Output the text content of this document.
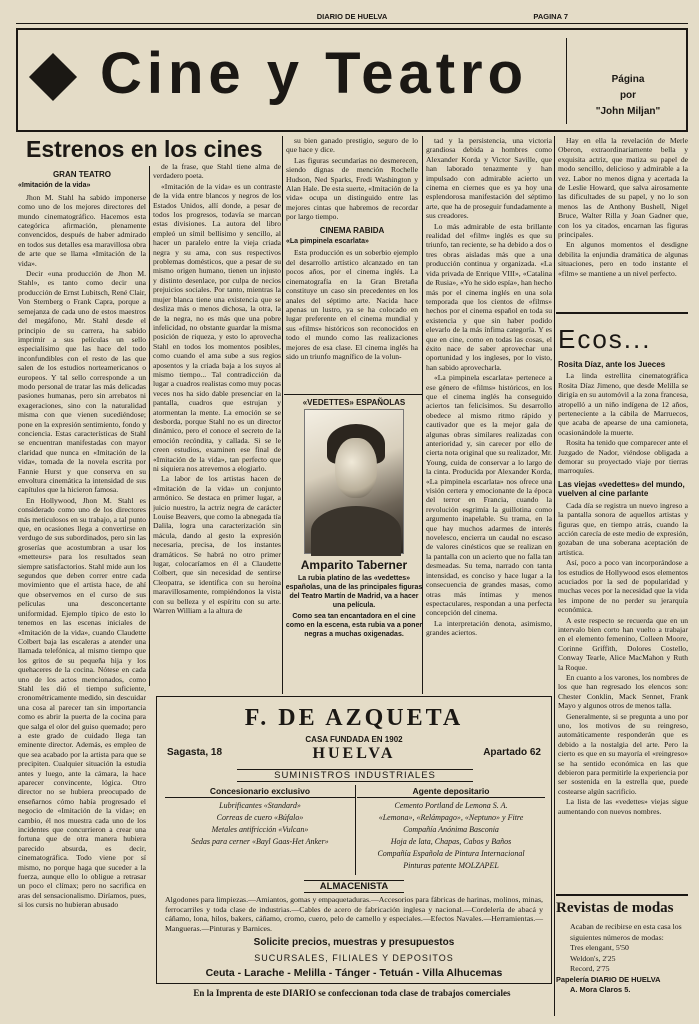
DIARIO DE HUELVA	PAGINA 7
Cine y Teatro	Página
por
"John Miljan"
Estrenos en los cines
GRAN TEATRO
«Imitación de la vida»

Jhon M. Stahl ha sabido imponerse como uno de los mejores directores del mundo cinematográfico. Hacemos esta categórica afirmación, plenamente convencidos, después de haber admirado en todos sus detalles esa maravillosa obra de arte que se llama «Imitación de la vida».

Decir «una producción de Jhon M. Stahl», es tanto como decir una producción de Ernst Lubitsch, René Clair, Von Sternberg o Frank Capra, porque a semejanza de cada uno de estos maestros del megáfono, Mr. Stahl desde el principio de su carrera, ha sabido imprimir a sus películas un sello especialísimo que las hace del todo inconfundibles con el resto de las que salen de los estudios norteamericanos o europeos. Y tal sello corresponde a un modo personal de tratar las más delicadas pasiones humanas, pero sin arrebatos ni exageraciones, sino con la naturalidad misma con que vienen sucediéndose; pone en la expresión sentimiento, fondo y conciencia. Estas características de Stahl se encuentran manifestadas con mayor claridad que nunca en «Imitación de la vida», tomada de la novela escrita por Fannie Hurst y que conserva en su envoltura cinemática la intensidad de sus capítulos que la hicieron famosa.

En Hollywood, Jhon M. Stahl es considerado como uno de los directores más meticulosos en su trabajo, a tal punto que, en ocasiones llega a convertirse en verdugo de sus subordinados, pero sin las groserías que acostumbran a usar los «metteurs» para los resultados sean siempre satisfactorios. Stahl mide aun los segundos que deben correr entre cada movimiento que el artista hace, de ahí que observemos en el curso de sus películas una desconcertante uniformidad. Ejemplo típico de esto lo tenemos en las escenas iniciales de «Imitación de la vida», cuando Claudette Colbert baja las escaleras a atender una llamada telefónica, al mismo tiempo que los gritos de su pequeña hija y los quehaceres de la cocina. Nótese en cada uno de los actos mencionados, como Stahl les dió el tiempo suficiente, cronométricamente medido, sin descuidar una cosa al parecer tan sin importancia como es abrir la puerta de la cocina para que salga el olor del guiso quemado; pero a este grado de cuidado llega tan eminente director. Además, es empleo de que sea acabado por la artista para que se precipiten. Cualquier situación la estudia antes y luego, ante la cámara, la hace aparecer convincente, lógica. Otro director no se hubiera preocupado de enseñarnos cómo había progresado el negocio de «Imitación de la vida»; en cambio, él nos muestra cada uno de los incidentes que concurrieron a crear una fortuna que de otra manera hubiera parecido absurda, es decir, cinematográfica. Todo viene por sí mismo, no porque haga que suceder a la fuerza, aunque ello lo obligue a retrasar un poco el clímax; pero no sacrifica en aras del sensacionalismo. Diríamos, pues, si los cursis no hubieran abusado

de la frase, que Stahl tiene alma de verdadero poeta.

«Imitación de la vida» es un contraste de la vida entre blancos y negros de los Estados Unidos, allí donde, a pesar de todos los progresos, todavía se marcan estas divisiones. La autora del libro empleó un símil bellísimo y sencillo, al hacer un paralelo entre la vieja criada negra y su ama, con sus respectivos problemas domésticos, que a pesar de su mismo origen humano, tienen un injusto y distinto desenlace, por culpa de necios prejuicios sociales. Por tanto, mientras la mujer blanca tiene una existencia que se desliza más o menos dichosa, la otra, la de la negra, no es más que una pobre infelicidad, no obstante guardar la misma posición de riqueza, y esto lo aprovecha Stahl en todos los momentos posibles, como cuando el ama sube a sus regios aposentos y la criada baja a los suyos al mismo tiempo... Tal contradicción da lugar a cuadros realistas como muy pocas veces nos ha sido dable presenciar en la pantalla, cuadros que estrujan y atormentan la mente. La emoción se se desborda, porque Stahl no es un director dinámico, pero el conoce el secreto de la emoción recóndita, y callada. Si se le creen estudios, examinen ese final de «Imitación de la vida», tan perfecto que ni siquiera nos atrevemos a elogiarlo.

La labor de los artistas hacen de «Imitación de la vida» un conjunto armónico. Se destaca en primer lugar, a juicio nuestro, la actriz negra de carácter Louise Beavers, que como la abnegada tía Dalila, logra una caracterización sin mácula, dando al gesto la expresión necesaria, precisa, de los instantes dramáticos. Se habrá no otro primer lugar, colocaríamos en él a Claudette Colbert, que sin necesidad de sentirse Cleopatra, se identifica con su heroína maravillosamente, rompiéndonos la vista con su belleza y el espíritu con su arte. Warren William a la altura de

su bien ganado prestigio, seguro de lo que hace y dice.

Las figuras secundarias no desmerecen, siendo dignas de mención Rochelle Hudson, Ned Sparks, Fredi Washington y Alan Hale. De esta suerte, «Imitación de la vida» ocupa un distinguido entre las mejores cintas que habremos de recordar por largo tiempo.

CINEMA RABIDA
«La pimpinela escarlata»

Esta producción es un soberbio ejemplo del desarrollo artístico alcanzado en tan pocos años, por el cinema inglés. La cinematografía en la Gran Bretaña constituye un caso sin precedentes en los anales del séptimo arte. Nacida hace apenas un lustro, ya se ha colocado en lugar preferente en el cinema mundial y sus «films» históricos son reconocidos en todo el mundo como las realizaciones mejores de esa clase. El cinema inglés ha sido un triunfo magnífico de la volun-

«VEDETTES» ESPAÑOLAS
Amparito Taberner
La rubia platino de las «vedettes» españolas, una de las principales figuras del Teatro Martín de Madrid, va a hacer una película.
Como sea tan encantadora en el cine como en la escena, esta rubia va a poner negras a muchas oxigenadas.

tad y la persistencia, una victoria grandiosa debida a hombres como Alexander Korda y Victor Saville, que han laborado tenazmente y han impulsado con admirable acierto un cinema en ciernes que es ya hoy una esplendorosa manifestación del séptimo arte, que ha de proseguir fundadamente a sus creadores.

Lo más admirable de esta brillante realidad del «film» inglés es que su triunfo, tan reciente, se ha debido a dos o tres obras aisladas más que a una producción continua y organizada. «La vida privada de Enrique VIII», «Catalina de Rusia», «Yo he sido espía», han hecho más por el cinema inglés en una sola temporada que los cientos de «films» hechos por el cinema español en toda su existencia y que sin haber podido elevarlo de la más ínfima categoría. Y es que en cine, como en todas las cosas, el éxito nace de saber aprovechar una oportunidad y los ingleses, por lo visto, han sabido aprovecharla.

«La pimpinela escarlata» pertenece a ese género de «films» históricos, en los que el cinema inglés ha conseguido aciertos tan felicísimos. Su desarrollo obedece al mismo ritmo rápido y cautivador que es la mejor gala de algunas obras similares realizadas con anterioridad y, sin carecer por ello de cierta nota original que su realizador, Mr. Young, cuida de conservar a lo largo de la cinta. Producida por Alexander Korda, «La pimpinela escarlata» nos ofrece una visión certera y emocionante de la época del terror en Francia, cuando la revolución esgrimía la guillotina como argumento inapelable. Su trama, en la que hay muchos adarmes de interés novelesco, encierra un caudal no escaso de valores cinésticos que se realizan en la pantalla con un acierto que no falla tan desmeadas. Su tema, narrado con tanta intensidad, es conciso y hace lugar a la consecuencia de grandes masas, como otras más íntimas y menos espectaculares, respondan a una perfecta concepción del cinema.

La interpretación denota, asimismo, grandes aciertos.

Hay en ella la revelación de Merle Oberon, extraordinariamente bella y exquisita actriz, que matiza su papel de modo sencillo, delicioso y admirable a la vez. Labor no menos digna y acertada la de Leslie Howard, que salva airosamente las dificultades de su papel, y no lo son menos las de Anthony Bushell, Nigel Bruce, Walter Rilla y Joan Gadner que, con los ya citados, encarnan las figuras principales.

En algunos momentos el desdigne debilita la enjundia dramática de algunas situaciones, pero en todo instante el «film» se mantiene a un nivel perfecto.

Ecos...
Rosita Díaz, ante los Jueces

La linda estrellita cinematográfica Rosita Díaz Jimeno, que desde Melilla se dirigía en su automóvil a la zona francesa, atropelló a un niño indígena de 12 años, perteneciente a la cábila de Marruecos, que acaba de apearse de una camioneta, ocasionándole la muerte.

Rosita ha tenido que comparecer ante el Juzgado de Nador, viéndose obligada a demorar su proyectado viaje por tierras marroquíes.

Las viejas «vedettes» del mundo, vuelven al cine parlante

Cada día se registra un nuevo ingreso a la pantalla sonora de aquellos artistas y figuras que, en tiempo atrás, cuando la acción carecía de este medio de expresión, gozaban de una soberana aceptación de artística.

Así, poco a poco van incorporándose a los estudios de Hollywood esos elementos acuciados por la sed de popularidad y muchas veces por la necesidad que la vida les impone de no perder su jerarquía económica.

A este respecto se recuerda que en un intervalo bien corto han vuelto a trabajar en el elemento femenino, Colleen Moore, Corinne Griffith, Dolores Costello, Conway Tearle, Alice MacMahon y Ruth la Roque.

En cuanto a los varones, los nombres de los que han regresado los elencos son: Chester Conklin, Mack Sennet, Frank Mayo y algunos otros de menos talla.

Generalmente, si se pregunta a uno por uno, los motivos de su reingreso, automáticamente responderán que es debido a la nostalgia del arte. Pero la cierto es que en su mayoría el «reingreso» se ha sentido económica en las que debieron para permitirle la experiencia por ser sostenida en la estrella que, puede costearse algún sacrificio.

La lista de las «vedettes» viejas sigue aumentando con nuevos nombres.

Revistas de modas
Acaban de recibirse en esta casa los siguientes números de modas:
Tres elengant, 5'50
Weldon's, 2'25
Record, 2'75
Papelería DIARIO DE HUELVA
A. Mora Claros 5.
F. DE AZQUETA
CASA FUNDADA EN 1902
Sagasta, 18	HUELVA	Apartado 62
SUMINISTROS INDUSTRIALES
Concesionario exclusivo
Lubrificantes «Standard»
Correas de cuero «Búfalo»
Metales antifricción «Vulcan»
Sedas para cerner «Bayl Gaas-Het Anker»
Agente depositario
Cemento Portland de Lemona S. A.
«Lemona», «Relámpago», «Neptuno» y Fitre
Compañía Anónima Basconia
Hoja de lata, Chapas, Cabos y Baños
Compañía Española de Pintura Internacional
Pinturas patente MOLZAPEL
ALMACENISTA
Algodones para limpiezas.—Amiantos, gomas y empaquetaduras.—Accesorios para fábricas de harinas, molinos, minas, ferrocarriles y toda clase de industrias.—Cables de acero de fabricación inglesa y nacional.—Cordelería de abacá y cáñamo, lona, hilos, bakers, cáñamo, cromo, cuero, pelo de camello y especiales.—Efectos Navales.—Herramientas.—Mangueras.—Pinturas y Barnices.
Solicite precios, muestras y presupuestos
SUCURSALES, FILIALES Y DEPOSITOS
Ceuta - Larache - Melilla - Tánger - Tetuán - Villa Alhucemas
En la Imprenta de este DIARIO se confeccionan toda clase de trabajos comerciales
